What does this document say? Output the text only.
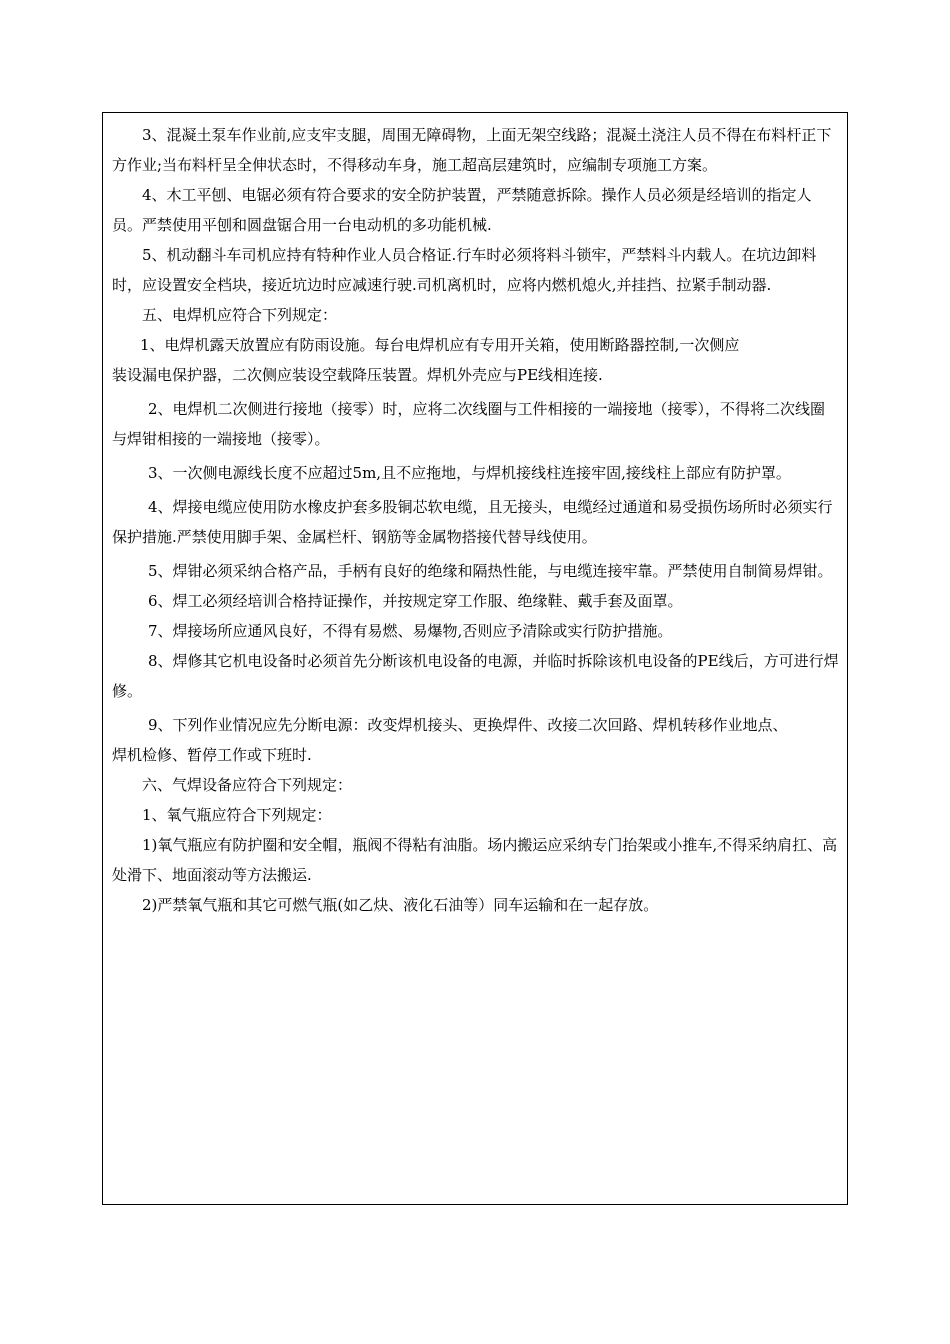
3、混凝土泵车作业前,应支牢支腿，周围无障碍物，上面无架空线路；混凝土浇注人员不得在布料杆正下方作业;当布料杆呈全伸状态时，不得移动车身，施工超高层建筑时，应编制专项施工方案。

4、木工平刨、电锯必须有符合要求的安全防护装置，严禁随意拆除。操作人员必须是经培训的指定人员。严禁使用平刨和圆盘锯合用一台电动机的多功能机械.

5、机动翻斗车司机应持有特种作业人员合格证.行车时必须将料斗锁牢，严禁料斗内载人。在坑边卸料时，应设置安全档块，接近坑边时应减速行驶.司机离机时，应将内燃机熄火,并挂挡、拉紧手制动器.

五、电焊机应符合下列规定：

1、电焊机露天放置应有防雨设施。每台电焊机应有专用开关箱，使用断路器控制,一次侧应

装设漏电保护器，二次侧应装设空载降压装置。焊机外壳应与PE线相连接.

2、电焊机二次侧进行接地（接零）时，应将二次线圈与工件相接的一端接地（接零），不得将二次线圈与焊钳相接的一端接地（接零）。

3、一次侧电源线长度不应超过5m,且不应拖地，与焊机接线柱连接牢固,接线柱上部应有防护罩。

4、焊接电缆应使用防水橡皮护套多股铜芯软电缆，且无接头，电缆经过通道和易受损伤场所时必须实行保护措施.严禁使用脚手架、金属栏杆、钢筋等金属物搭接代替导线使用。

5、焊钳必须采纳合格产品，手柄有良好的绝缘和隔热性能，与电缆连接牢靠。严禁使用自制简易焊钳。

6、焊工必须经培训合格持证操作，并按规定穿工作服、绝缘鞋、戴手套及面罩。

7、焊接场所应通风良好，不得有易燃、易爆物,否则应予清除或实行防护措施。

8、焊修其它机电设备时必须首先分断该机电设备的电源，并临时拆除该机电设备的PE线后，方可进行焊修。

9、下列作业情况应先分断电源：改变焊机接头、更换焊件、改接二次回路、焊机转移作业地点、

焊机检修、暂停工作或下班时.

六、气焊设备应符合下列规定：

1、氧气瓶应符合下列规定：

1)氧气瓶应有防护圈和安全帽，瓶阀不得粘有油脂。场内搬运应采纳专门抬架或小推车,不得采纳肩扛、高处滑下、地面滚动等方法搬运.

2)严禁氧气瓶和其它可燃气瓶(如乙炔、液化石油等）同车运输和在一起存放。
